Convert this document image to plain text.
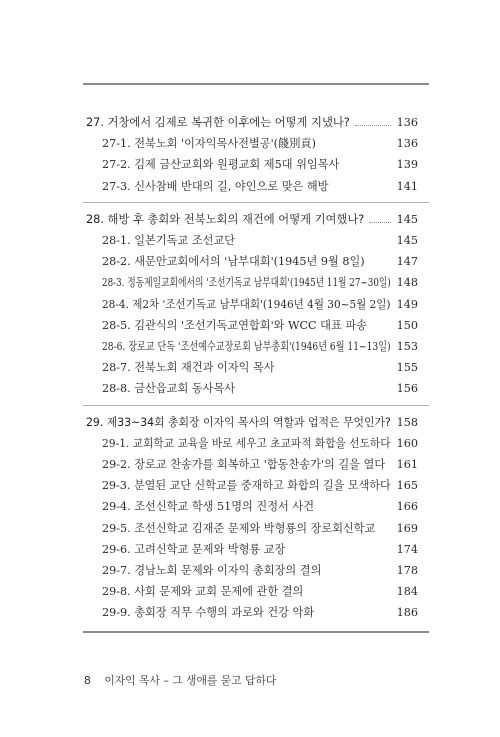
27. 거창에서 김제로 복귀한 이후에는 어떻게 지냈나?	136
27-1. 전북노회 '이자익목사전별공'(餞別貢)	136
27-2. 김제 금산교회와 원평교회 제5대 위임목사	139
27-3. 신사참배 반대의 길, 야인으로 맞은 해방	141
28. 해방 후 총회와 전북노회의 재건에 어떻게 기여했나?	145
28-1. 일본기독교 조선교단	145
28-2. 새문안교회에서의 '남부대회'(1945년 9월 8일)	147
28-3. 정동제일교회에서의 '조선기독교 남부대회'(1945년 11월 27~30일) 148
28-4. 제2차 '조선기독교 남부대회'(1946년 4월 30~5월 2일) 149
28-5. 김관식의 '조선기독교연합회'와 WCC 대표 파송	150
28-6. 장로교 단독 '조선예수교장로회 남부총회'(1946년 6월 11~13일) 153
28-7. 전북노회 재건과 이자익 목사	155
28-8. 금산읍교회 동사목사	156
29. 제33~34회 총회장 이자익 목사의 역할과 업적은 무엇인가? 158
29-1. 교회학교 교육을 바로 세우고 초교파적 화합을 선도하다 160
29-2. 장로교 찬송가를 회복하고 '합동찬송가'의 길을 열다 161
29-3. 분열된 교단 신학교를 중재하고 화합의 길을 모색하다 165
29-4. 조선신학교 학생 51명의 진정서 사건	166
29-5. 조선신학교 김재준 문제와 박형룡의 장로회신학교 169
29-6. 고려신학교 문제와 박형룡 교장	174
29-7. 경남노회 문제와 이자익 총회장의 결의	178
29-8. 사회 문제와 교회 문제에 관한 결의	184
29-9. 총회장 직무 수행의 과로와 건강 악화	186
8 이자익 목사 – 그 생애를 묻고 답하다
